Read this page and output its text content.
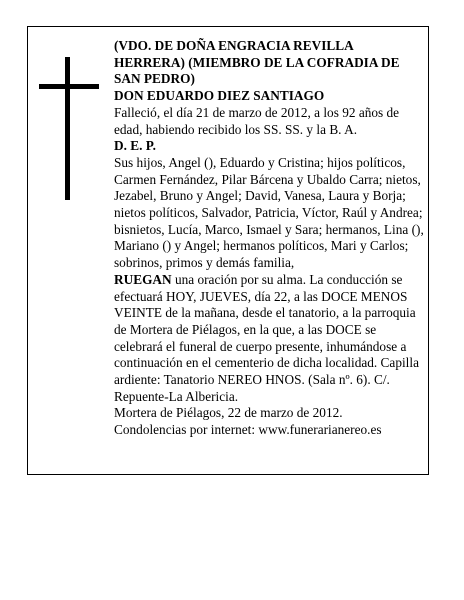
(VDO. DE DOÑA ENGRACIA REVILLA HERRERA) (MIEMBRO DE LA COFRADIA DE SAN PEDRO)

DON EDUARDO DIEZ SANTIAGO

Falleció, el día 21 de marzo de 2012, a los 92 años de edad, habiendo recibido los SS. SS. y la B. A.

D. E. P.

Sus hijos, Angel (), Eduardo y Cristina; hijos políticos, Carmen Fernández, Pilar Bárcena y Ubaldo Carra; nietos, Jezabel, Bruno y Angel; David, Vanesa, Laura y Borja; nietos políticos, Salvador, Patricia, Víctor, Raúl y Andrea; bisnietos, Lucía, Marco, Ismael y Sara; hermanos, Lina (), Mariano () y Angel; hermanos políticos, Mari y Carlos; sobrinos, primos y demás familia,

RUEGAN una oración por su alma. La conducción se efectuará HOY, JUEVES, día 22, a las DOCE MENOS VEINTE de la mañana, desde el tanatorio, a la parroquia de Mortera de Piélagos, en la que, a las DOCE se celebrará el funeral de cuerpo presente, inhumándose a continuación en el cementerio de dicha localidad. Capilla ardiente: Tanatorio NEREO HNOS. (Sala nº. 6). C/. Repuente-La Albericia.

Mortera de Piélagos, 22 de marzo de 2012.

Condolencias por internet: www.funerarianereo.es
